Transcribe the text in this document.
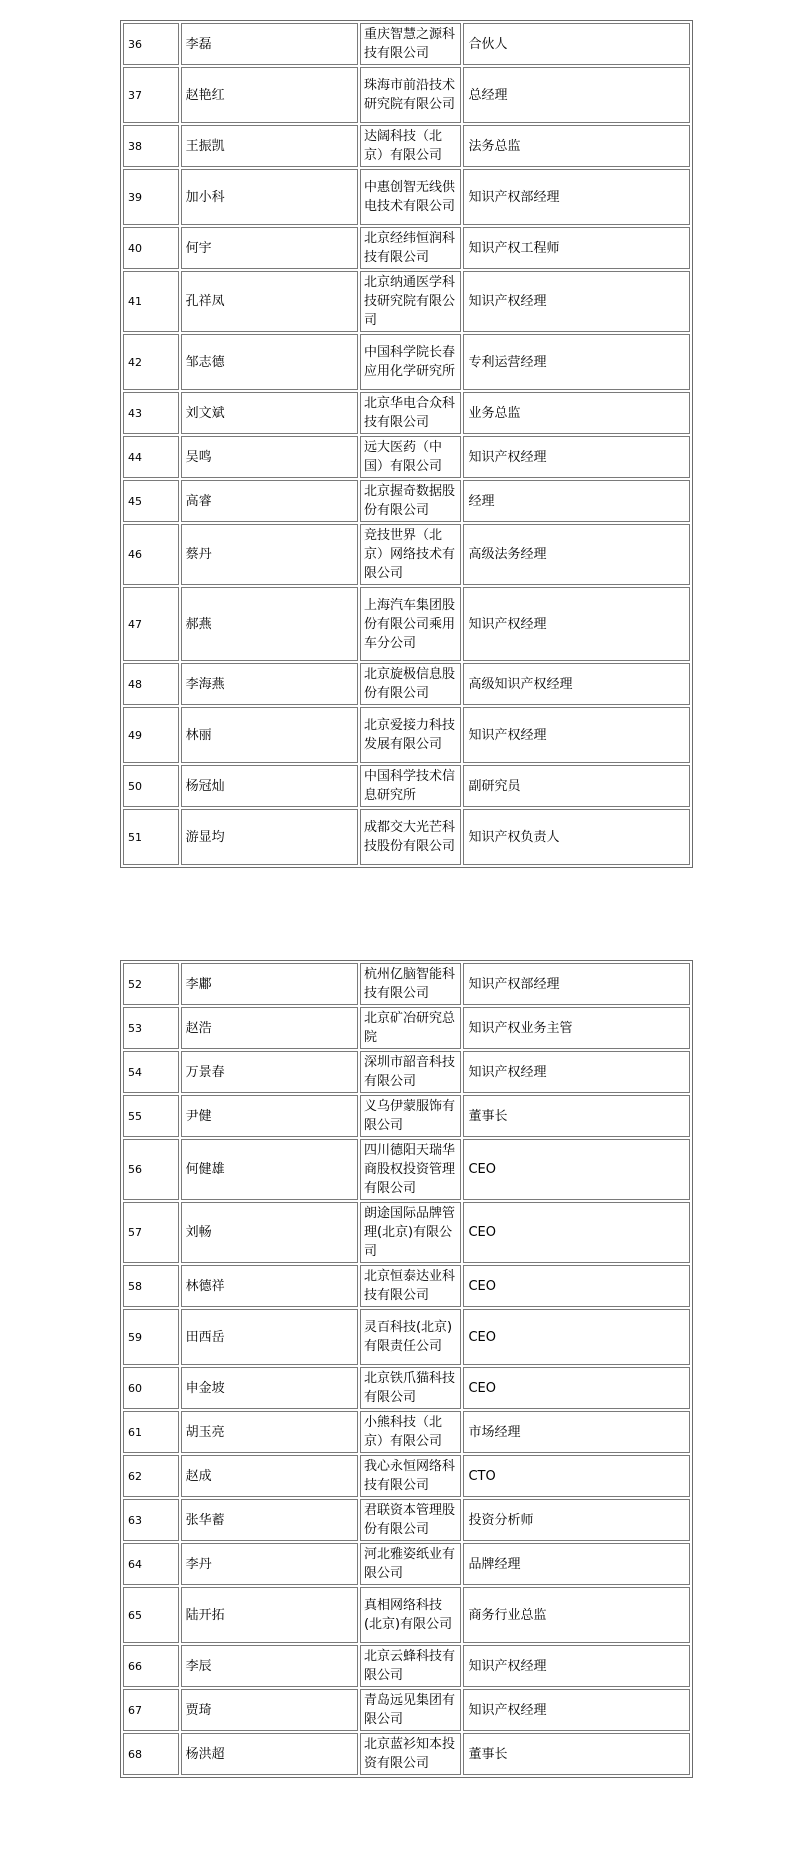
36	李磊	重庆智慧之源科技有限公司	合伙人
37	赵艳红	珠海市前沿技术研究院有限公司	总经理
38	王振凯	达阔科技（北京）有限公司	法务总监
39	加小科	中惠创智无线供电技术有限公司	知识产权部经理
40	何宇	北京经纬恒润科技有限公司	知识产权工程师
41	孔祥凤	北京纳通医学科技研究院有限公司	知识产权经理
42	邹志德	中国科学院长春应用化学研究所	专利运营经理
43	刘文斌	北京华电合众科技有限公司	业务总监
44	吴鸣	远大医药（中国）有限公司	知识产权经理
45	高睿	北京握奇数据股份有限公司	经理
46	蔡丹	竞技世界（北京）网络技术有限公司	高级法务经理
47	郝燕	上海汽车集团股份有限公司乘用车分公司	知识产权经理
48	李海燕	北京旋极信息股份有限公司	高级知识产权经理
49	林丽	北京爱接力科技发展有限公司	知识产权经理
50	杨冠灿	中国科学技术信息研究所	副研究员
51	游显均	成都交大光芒科技股份有限公司	知识产权负责人
52	李鄘	杭州亿脑智能科技有限公司	知识产权部经理
53	赵浩	北京矿冶研究总院	知识产权业务主管
54	万景春	深圳市韶音科技有限公司	知识产权经理
55	尹健	义乌伊蒙服饰有限公司	董事长
56	何健雄	四川德阳天瑞华商股权投资管理有限公司	CEO
57	刘畅	朗途国际品牌管理(北京)有限公司	CEO
58	林德祥	北京恒泰达业科技有限公司	CEO
59	田西岳	灵百科技(北京)有限责任公司	CEO
60	申金坡	北京铁爪猫科技有限公司	CEO
61	胡玉亮	小熊科技（北京）有限公司	市场经理
62	赵成	我心永恒网络科技有限公司	CTO
63	张华蓄	君联资本管理股份有限公司	投资分析师
64	李丹	河北雅姿纸业有限公司	品牌经理
65	陆开拓	真相网络科技(北京)有限公司	商务行业总监
66	李辰	北京云蜂科技有限公司	知识产权经理
67	贾琦	青岛远见集团有限公司	知识产权经理
68	杨洪超	北京蓝衫知本投资有限公司	董事长
